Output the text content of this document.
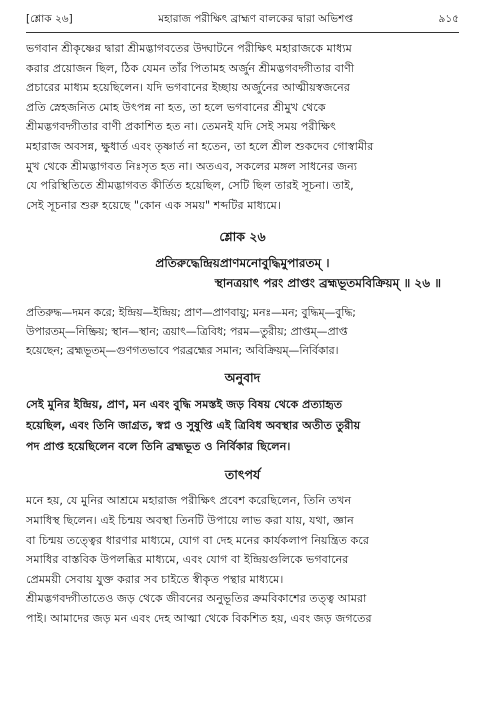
[শ্লোক ২৬]	মহারাজ পরীক্ষিৎ ব্রাহ্মণ বালকের দ্বারা অভিশপ্ত	৯১৫
ভগবান শ্রীকৃষ্ণের দ্বারা শ্রীমদ্ভাগবতের উদ্ঘাটনে পরীক্ষিৎ মহারাজকে মাধ্যম
করার প্রয়োজন ছিল, ঠিক যেমন তাঁর পিতামহ অর্জুন শ্রীমদ্ভগবদ্গীতার বাণী
প্রচারের মাধ্যম হয়েছিলেন। যদি ভগবানের ইচ্ছায় অর্জুনের আত্মীয়স্বজনের
প্রতি স্নেহজনিত মোহ উৎপন্ন না হত, তা হলে ভগবানের শ্রীমুখ থেকে
শ্রীমদ্ভগবদ্গীতার বাণী প্রকাশিত হত না। তেমনই যদি সেই সময় পরীক্ষিৎ
মহারাজ অবসন্ন, ক্ষুধার্ত এবং তৃষ্ণার্ত না হতেন, তা হলে শ্রীল শুকদেব গোস্বামীর
মুখ থেকে শ্রীমদ্ভাগবত নিঃসৃত হত না। অতএব, সকলের মঙ্গল সাধনের জন্য
যে পরিস্থিতিতে শ্রীমদ্ভাগবত কীর্তিত হয়েছিল, সেটি ছিল তারই সূচনা। তাই,
সেই সূচনার শুরু হয়েছে "কোন এক সময়" শব্দটির মাধ্যমে।
শ্লোক ২৬
প্রতিরুদ্ধেন্দ্রিয়প্রাণমনোবুদ্ধিমুপারতম্ ।
স্থানত্রয়াৎ পরং প্রাপ্তং ব্রহ্মভূতমবিক্রিয়ম্ ॥ ২৬ ॥
প্রতিরুদ্ধ—দমন করে; ইন্দ্রিয়—ইন্দ্রিয়; প্রাণ—প্রাণবায়ু; মনঃ—মন; বুদ্ধিম্—বুদ্ধি;
উপারতম্—নিষ্ক্রিয়; স্থান—স্থান; ত্রয়াৎ—ত্রিবিধ; পরম—তুরীয়; প্রাপ্তম্—প্রাপ্ত
হয়েছেন; ব্রহ্মভূতম্—গুণগতভাবে পরব্রহ্মের সমান; অবিক্রিয়ম্—নির্বিকার।
অনুবাদ
সেই মুনির ইন্দ্রিয়, প্রাণ, মন এবং বুদ্ধি সমস্তই জড় বিষয় থেকে প্রত্যাহৃত
হয়েছিল, এবং তিনি জাগ্রত, স্বপ্ন ও সুষুপ্তি এই ত্রিবিধ অবস্থার অতীত তুরীয়
পদ প্রাপ্ত হয়েছিলেন বলে তিনি ব্রহ্মভূত ও নির্বিকার ছিলেন।
তাৎপর্য
মনে হয়, যে মুনির আশ্রমে মহারাজ পরীক্ষিৎ প্রবেশ করেছিলেন, তিনি তখন
সমাধিস্থ ছিলেন। এই চিন্ময় অবস্থা তিনটি উপায়ে লাভ করা যায়, যথা, জ্ঞান
বা চিন্ময় তত্ত্বের ধারণার মাধ্যমে, যোগ বা দেহ মনের কার্যকলাপ নিয়ন্ত্রিত করে
সমাধির বাস্তবিক উপলব্ধির মাধ্যমে, এবং যোগ বা ইন্দ্রিয়গুলিকে ভগবানের
প্রেমময়ী সেবায় যুক্ত করার সব চাইতে স্বীকৃত পন্থার মাধ্যমে।
শ্রীমদ্ভগবদ্গীতাতেও জড় থেকে জীবনের অনুভূতির ক্রমবিকাশের তত্ত্ব আমরা
পাই। আমাদের জড় মন এবং দেহ আত্মা থেকে বিকশিত হয়, এবং জড় জগতের
